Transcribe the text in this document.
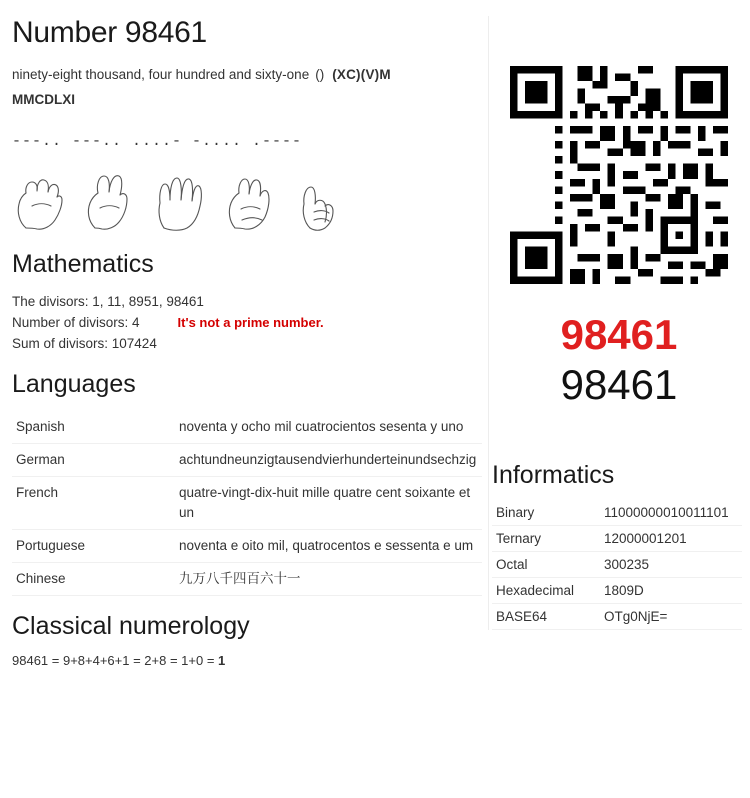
Number 98461
ninety-eight thousand, four hundred and sixty-one () (XC)(V)M
MMCDLXI
---.. ---.. ....- -.... .----
Mathematics
The divisors: 1, 11, 8951, 98461
Number of divisors: 4	It's not a prime number.
Sum of divisors: 107424
Languages
Spanish	noventa y ocho mil cuatrocientos sesenta y uno
German	achtundneunzigtausendvierhunderteinundsechzig
French	quatre-vingt-dix-huit mille quatre cent soixante et un
Portuguese	noventa e oito mil, quatrocentos e sessenta e um
Chinese	九万八千四百六十一
Classical numerology
98461 = 9+8+4+6+1 = 2+8 = 1+0 = 1
98461
98461
Informatics
Binary	11000000010011101
Ternary	12000001201
Octal	300235
Hexadecimal	1809D
BASE64	OTg0NjE=
